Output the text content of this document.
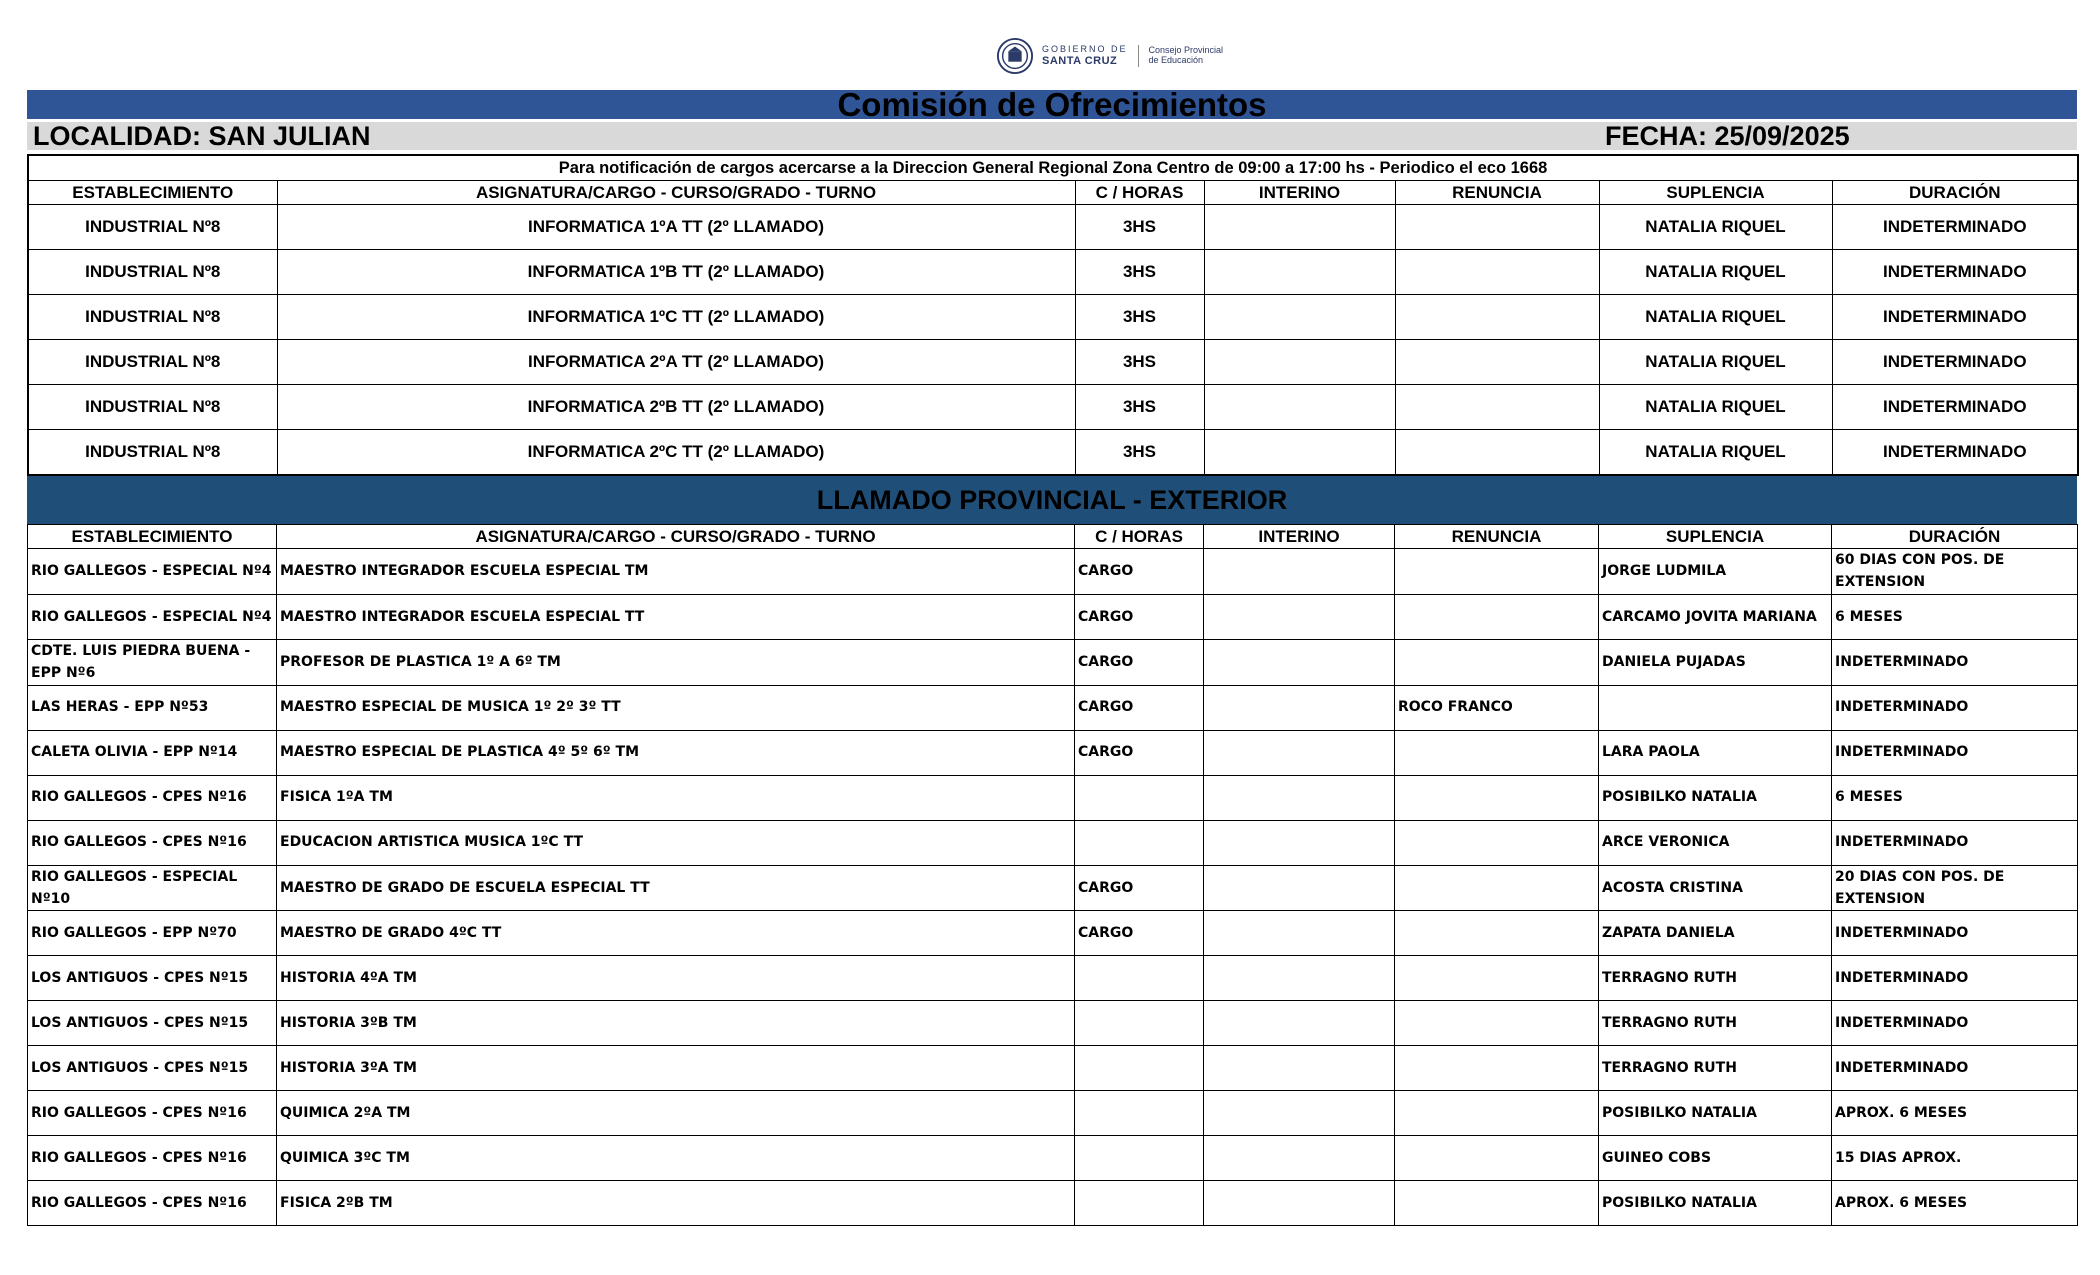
GOBIERNO DE
SANTA CRUZ
Consejo Provincial
de Educación
Comisión de Ofrecimientos
LOCALIDAD: SAN JULIAN	FECHA: 25/09/2025
Para notificación de cargos acercarse a la Direccion General Regional Zona Centro de 09:00 a 17:00 hs - Periodico el eco 1668						
ESTABLECIMIENTO	ASIGNATURA/CARGO - CURSO/GRADO - TURNO	C / HORAS	INTERINO	RENUNCIA	SUPLENCIA	DURACIÓN
INDUSTRIAL Nº8	INFORMATICA 1ºA TT (2º LLAMADO)	3HS			NATALIA RIQUEL	INDETERMINADO
INDUSTRIAL Nº8	INFORMATICA 1ºB TT (2º LLAMADO)	3HS			NATALIA RIQUEL	INDETERMINADO
INDUSTRIAL Nº8	INFORMATICA 1ºC TT (2º LLAMADO)	3HS			NATALIA RIQUEL	INDETERMINADO
INDUSTRIAL Nº8	INFORMATICA 2ºA TT (2º LLAMADO)	3HS			NATALIA RIQUEL	INDETERMINADO
INDUSTRIAL Nº8	INFORMATICA 2ºB TT (2º LLAMADO)	3HS			NATALIA RIQUEL	INDETERMINADO
INDUSTRIAL Nº8	INFORMATICA 2ºC TT (2º LLAMADO)	3HS			NATALIA RIQUEL	INDETERMINADO
LLAMADO PROVINCIAL - EXTERIOR
ESTABLECIMIENTO	ASIGNATURA/CARGO - CURSO/GRADO - TURNO	C / HORAS	INTERINO	RENUNCIA	SUPLENCIA	DURACIÓN
RIO GALLEGOS - ESPECIAL Nº4	MAESTRO INTEGRADOR ESCUELA ESPECIAL TM	CARGO			JORGE LUDMILA	60 DIAS CON POS. DE EXTENSION
RIO GALLEGOS - ESPECIAL Nº4	MAESTRO INTEGRADOR ESCUELA ESPECIAL TT	CARGO			CARCAMO JOVITA MARIANA	6 MESES
CDTE. LUIS PIEDRA BUENA - EPP Nº6	PROFESOR DE PLASTICA 1º A 6º TM	CARGO			DANIELA PUJADAS	INDETERMINADO
LAS HERAS - EPP Nº53	MAESTRO ESPECIAL DE MUSICA 1º 2º 3º TT	CARGO		ROCO FRANCO		INDETERMINADO
CALETA OLIVIA - EPP Nº14	MAESTRO ESPECIAL DE PLASTICA 4º 5º 6º TM	CARGO			LARA PAOLA	INDETERMINADO
RIO GALLEGOS - CPES Nº16	FISICA 1ºA TM				POSIBILKO NATALIA	6 MESES
RIO GALLEGOS - CPES Nº16	EDUCACION ARTISTICA MUSICA 1ºC TT				ARCE VERONICA	INDETERMINADO
RIO GALLEGOS - ESPECIAL Nº10	MAESTRO DE GRADO DE ESCUELA ESPECIAL TT	CARGO			ACOSTA CRISTINA	20 DIAS CON POS. DE EXTENSION
RIO GALLEGOS - EPP Nº70	MAESTRO DE GRADO 4ºC TT	CARGO			ZAPATA DANIELA	INDETERMINADO
LOS ANTIGUOS - CPES Nº15	HISTORIA 4ºA TM				TERRAGNO RUTH	INDETERMINADO
LOS ANTIGUOS - CPES Nº15	HISTORIA 3ºB TM				TERRAGNO RUTH	INDETERMINADO
LOS ANTIGUOS - CPES Nº15	HISTORIA 3ºA TM				TERRAGNO RUTH	INDETERMINADO
RIO GALLEGOS - CPES Nº16	QUIMICA 2ºA TM				POSIBILKO NATALIA	APROX. 6 MESES
RIO GALLEGOS - CPES Nº16	QUIMICA 3ºC TM				GUINEO COBS	15 DIAS APROX.
RIO GALLEGOS - CPES Nº16	FISICA 2ºB TM				POSIBILKO NATALIA	APROX. 6 MESES
